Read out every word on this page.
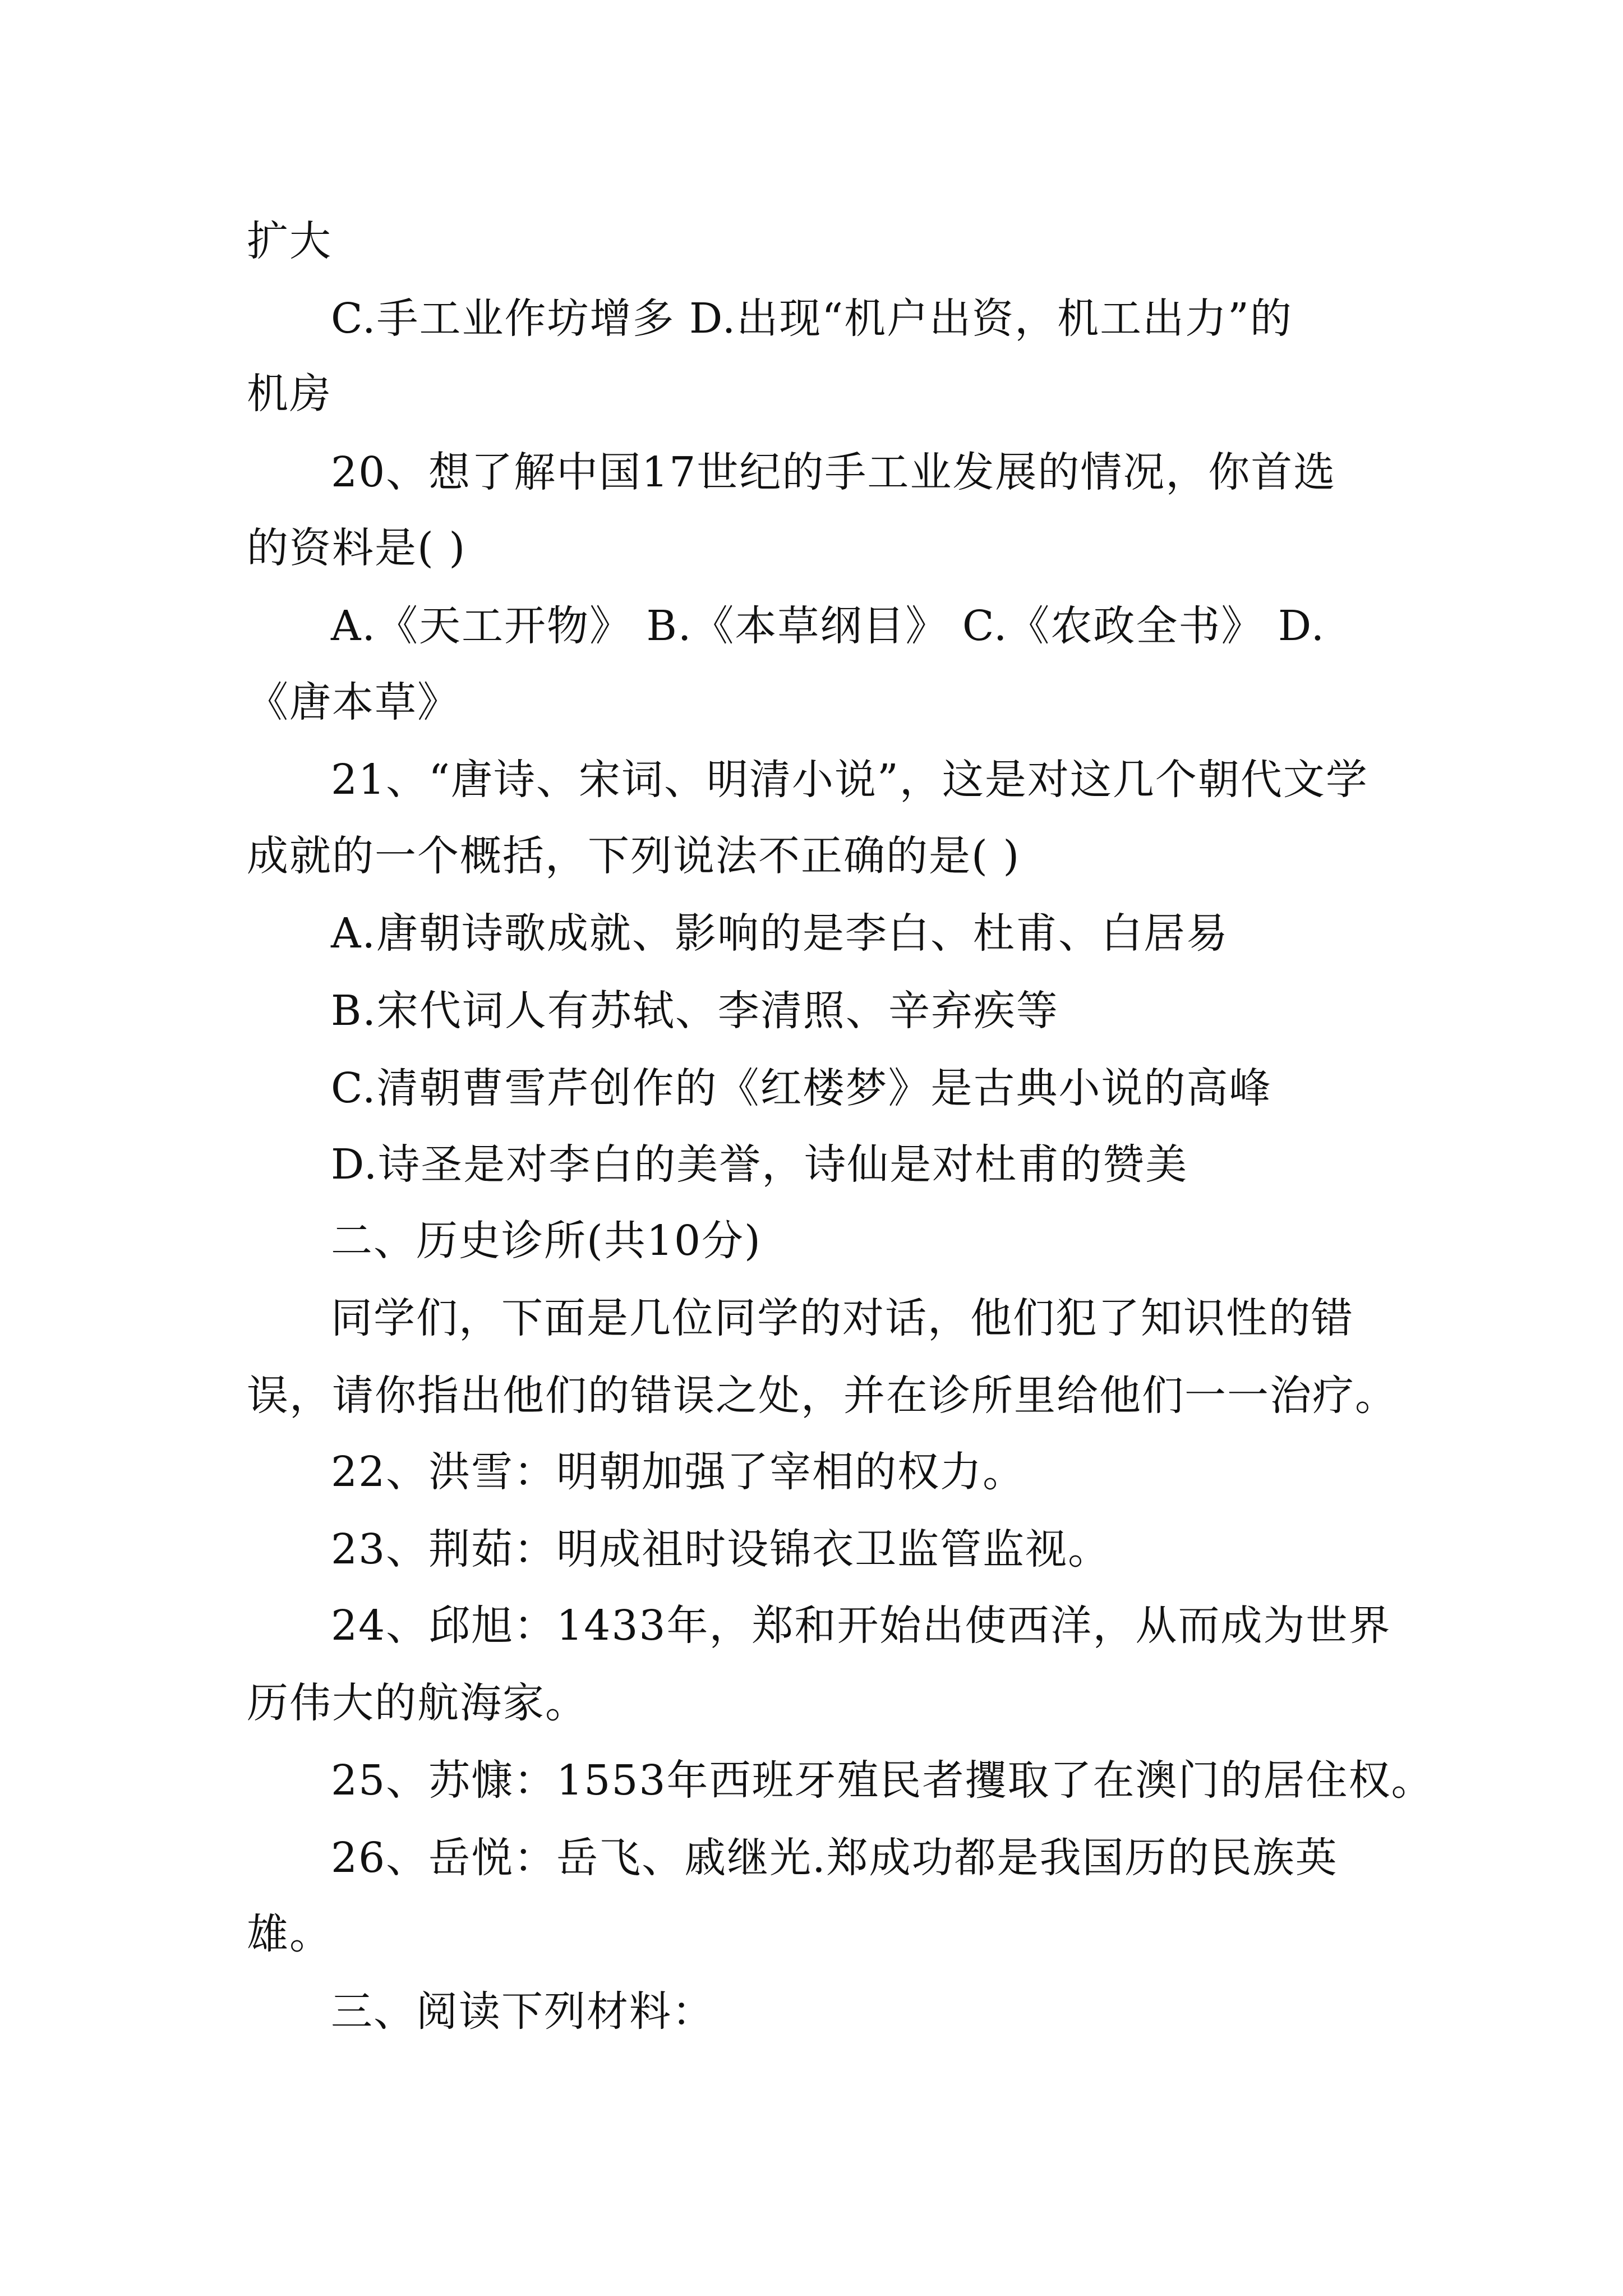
扩大
C.手工业作坊增多 D.出现“机户出资，机工出力”的
机房
20、想了解中国17世纪的手工业发展的情况，你首选
的资料是( )
A.《天工开物》 B.《本草纲目》 C.《农政全书》 D.
《唐本草》
21、“唐诗、宋词、明清小说”，这是对这几个朝代文学
成就的一个概括，下列说法不正确的是( )
A.唐朝诗歌成就、影响的是李白、杜甫、白居易
B.宋代词人有苏轼、李清照、辛弃疾等
C.清朝曹雪芹创作的《红楼梦》是古典小说的高峰
D.诗圣是对李白的美誉，诗仙是对杜甫的赞美
二、历史诊所(共10分)
同学们，下面是几位同学的对话，他们犯了知识性的错
误，请你指出他们的错误之处，并在诊所里给他们一一治疗。
22、洪雪：明朝加强了宰相的权力。
23、荆茹：明成祖时设锦衣卫监管监视。
24、邱旭：1433年，郑和开始出使西洋，从而成为世界
历伟大的航海家。
25、苏慷：1553年西班牙殖民者攫取了在澳门的居住权。
26、岳悦：岳飞、戚继光.郑成功都是我国历的民族英
雄。
三、阅读下列材料：
